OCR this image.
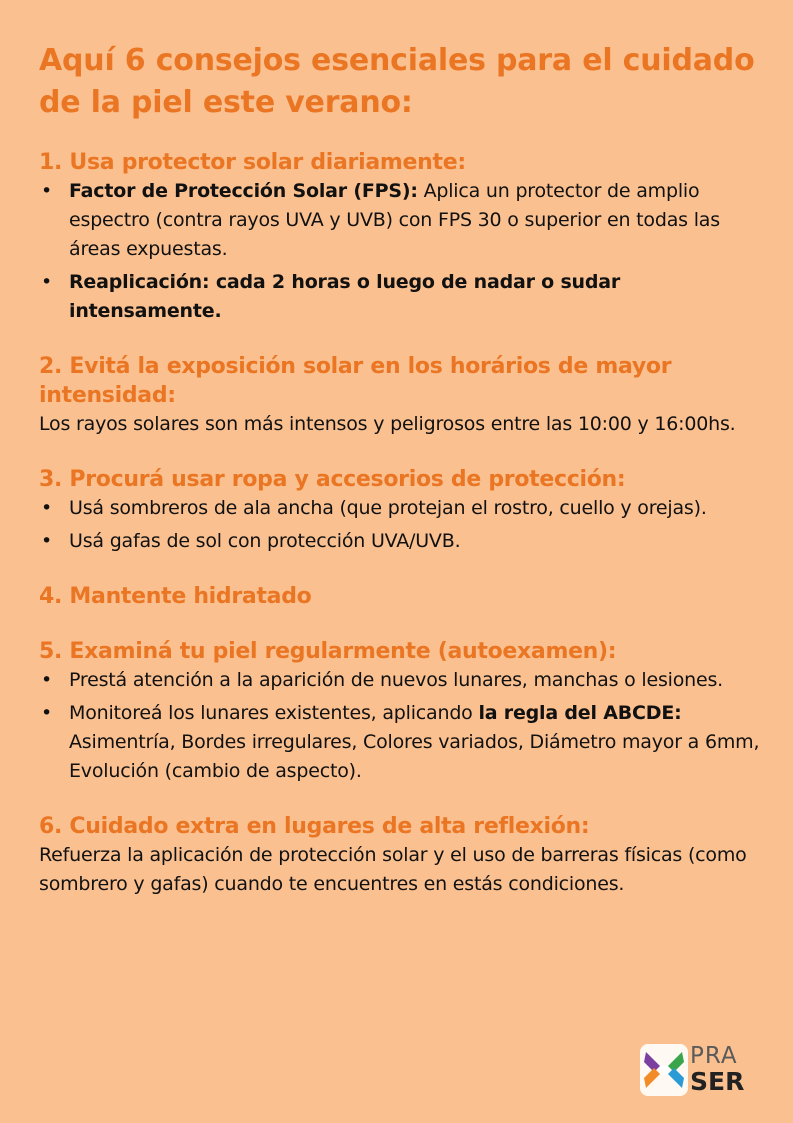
Aquí 6 consejos esenciales para el cuidado de la piel este verano:
1. Usa protector solar diariamente:
• Factor de Protección Solar (FPS): Aplica un protector de amplio espectro (contra rayos UVA y UVB) con FPS 30 o superior en todas las áreas expuestas.
• Reaplicación: cada 2 horas o luego de nadar o sudar intensamente.
2. Evitá la exposición solar en los horários de mayor intensidad:

Los rayos solares son más intensos y peligrosos entre las 10:00 y 16:00hs.

3. Procurá usar ropa y accesorios de protección:
• Usá sombreros de ala ancha (que protejan el rostro, cuello y orejas).
• Usá gafas de sol con protección UVA/UVB.
4. Mantente hidratado
5. Examiná tu piel regularmente (autoexamen):
• Prestá atención a la aparición de nuevos lunares, manchas o lesiones.
• Monitoreá los lunares existentes, aplicando la regla del ABCDE: Asimentría, Bordes irregulares, Colores variados, Diámetro mayor a 6mm, Evolución (cambio de aspecto).
6. Cuidado extra en lugares de alta reflexión:

Refuerza la aplicación de protección solar y el uso de barreras físicas (como sombrero y gafas) cuando te encuentres en estás condiciones.

PRA
SER
